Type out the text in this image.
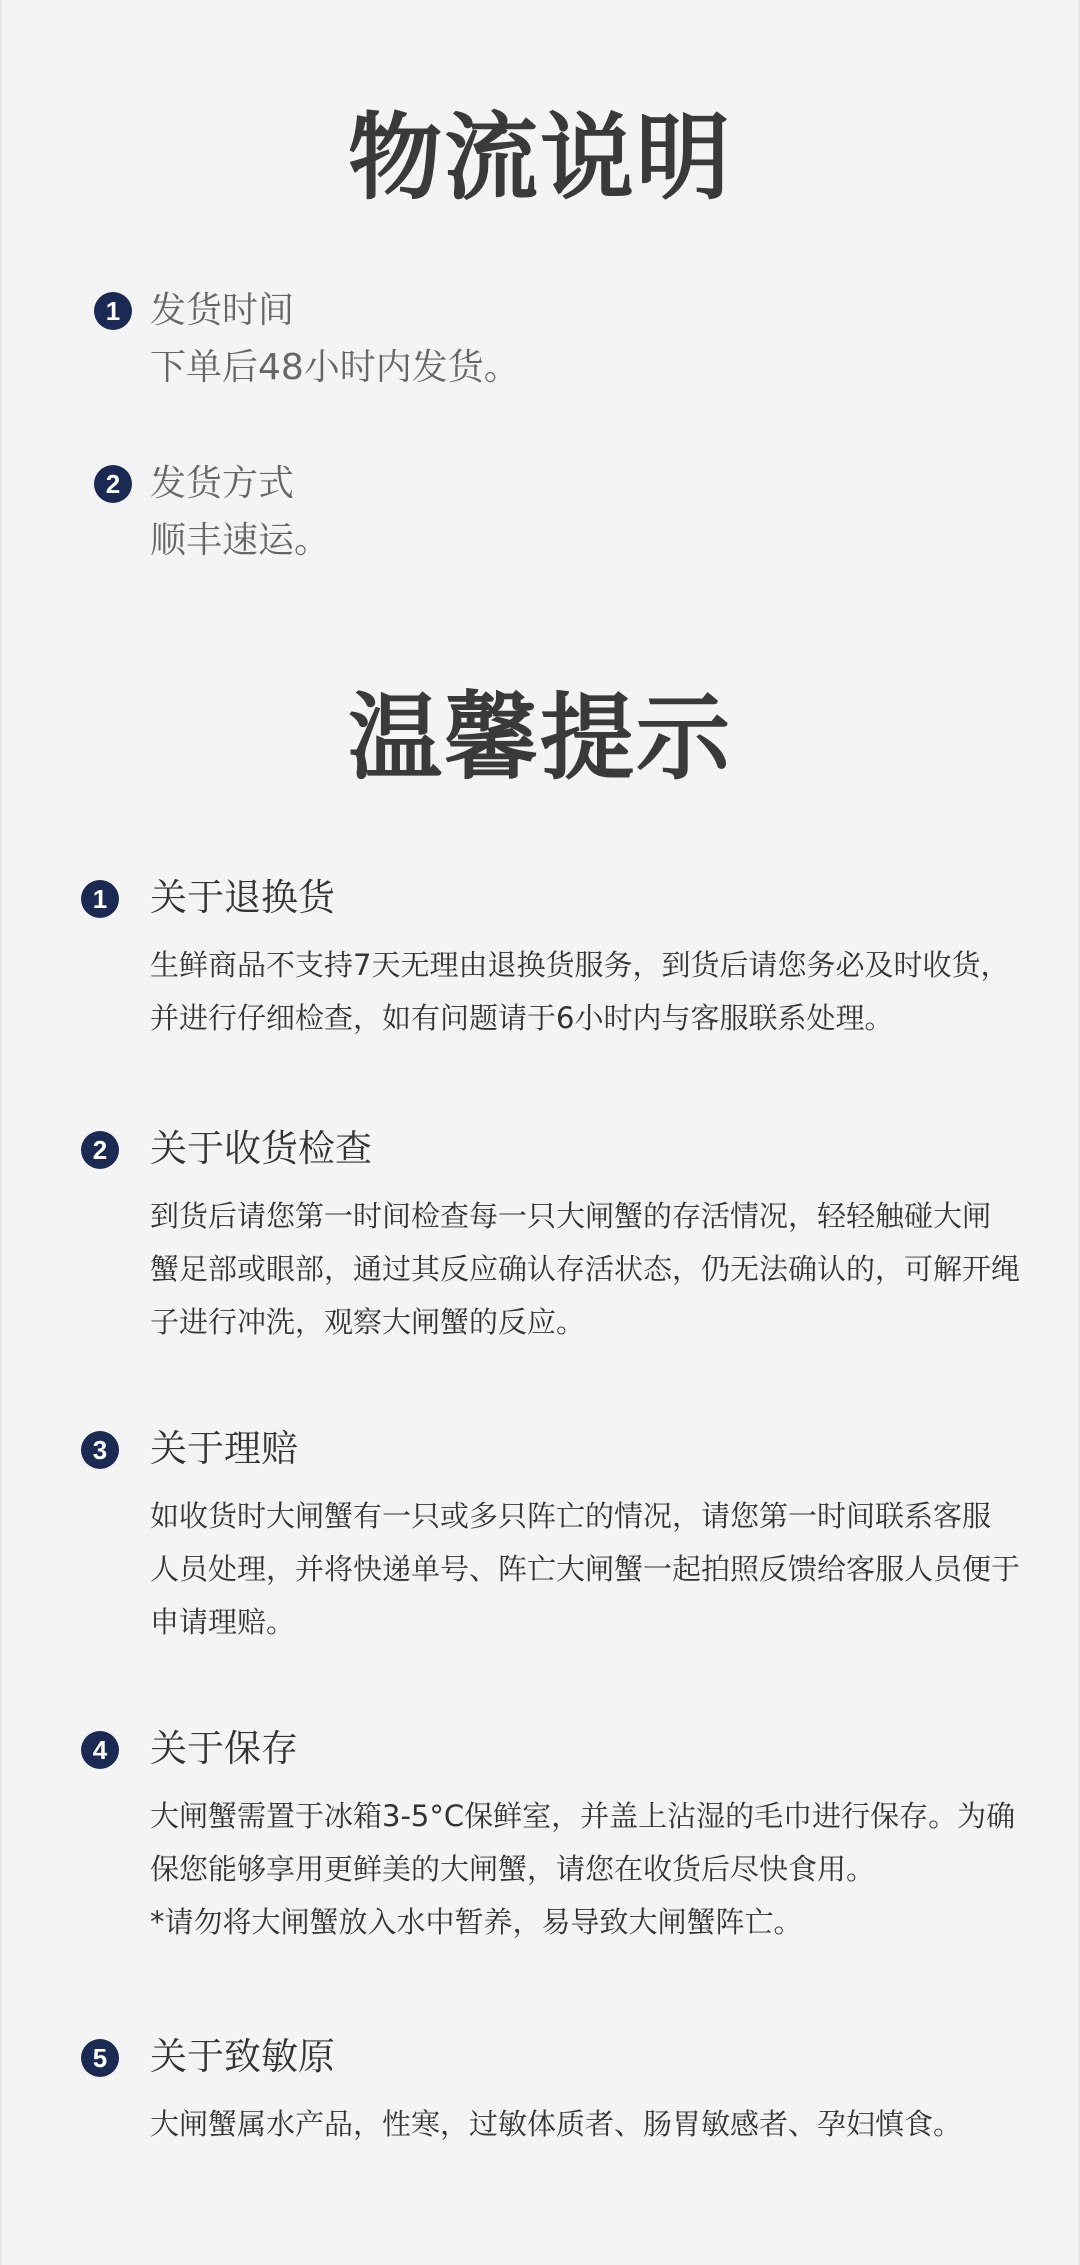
物流说明
1 发货时间
下单后48小时内发货。
2 发货方式
顺丰速运。
温馨提示
1	关于退换货
生鲜商品不支持7天无理由退换货服务，到货后请您务必及时收货，
并进行仔细检查，如有问题请于6小时内与客服联系处理。
2	关于收货检查
到货后请您第一时间检查每一只大闸蟹的存活情况，轻轻触碰大闸
蟹足部或眼部，通过其反应确认存活状态，仍无法确认的，可解开绳
子进行冲洗，观察大闸蟹的反应。
3	关于理赔
如收货时大闸蟹有一只或多只阵亡的情况，请您第一时间联系客服
人员处理，并将快递单号、阵亡大闸蟹一起拍照反馈给客服人员便于
申请理赔。
4	关于保存
大闸蟹需置于冰箱3-5°C保鲜室，并盖上沾湿的毛巾进行保存。为确
保您能够享用更鲜美的大闸蟹，请您在收货后尽快食用。
*请勿将大闸蟹放入水中暂养，易导致大闸蟹阵亡。
5	关于致敏原
大闸蟹属水产品，性寒，过敏体质者、肠胃敏感者、孕妇慎食。
